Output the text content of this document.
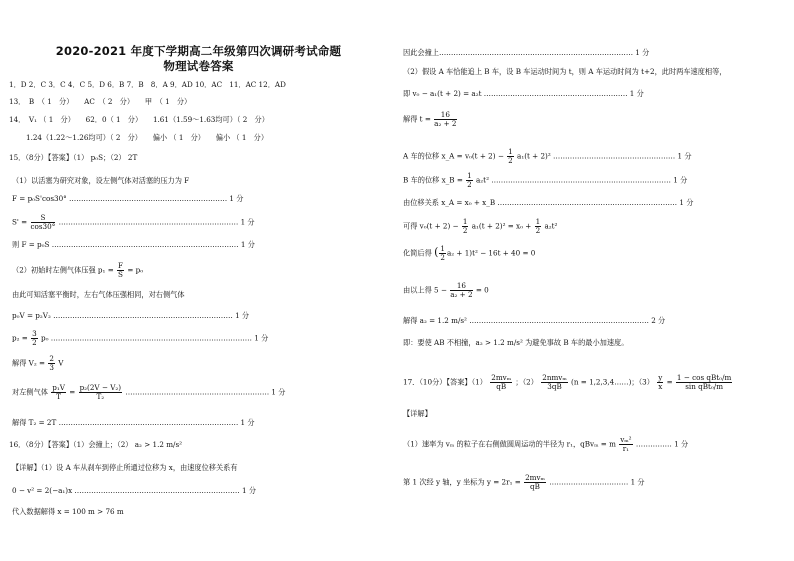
2020-2021 年度下学期高二年级第四次调研考试命题
物理试卷答案
1．D 2．C 3．C 4．C 5．D 6．B 7．B　8．A 9．AD 10．AC　11．AC 12．AD
13．　B　（ 1　分）　　AC　（ 2　分）　　甲　（ 1　分）
14．　V₁ （ 1　分）　　62．0（ 1　分）　　1.61（1.59～1.63均可）（ 2　分）
1.24（1.22～1.26均可）（ 2　分）　　偏小 （ 1　分）　　偏小 （ 1　分）
15．（8分）【答案】（1） p₀S；（2） 2T
（1）以活塞为研究对象，设左侧气体对活塞的压力为 F
F = p₀S'cos30° ………………………………………………………… 1 分
$S' = \frac{S}{\cos 30^\circ}$ ………………………………………………………………… 1 分
则 F = p₀S …………………………………………………………………… 1 分
（2）初始时左侧气体压强 $p_1 = \frac{F}{S} = p_0$
由此可知活塞平衡时，左右气体压强相同，对右侧气体
p₀V = p₂V₂ ………………………………………………………………… 1 分
$p_2 = \frac{3}{2} p_0$ ………………………………………………………………………… 1 分
解得 $V_2 = \frac{2}{3}$ V
对左侧气体 $\frac{\text{p₁V}}{T} = \frac{\text{p₂(2V − V₂)}}{\text{T₂}}$ …………………………………………………… 1 分
解得 T₂ = 2T ………………………………………………………………… 1 分
16．（8分）【答案】（1）会撞上；（2） a₂ > 1.2 m/s²
【详解】（1）设 A 车从刹车到停止所通过位移为 x，由速度位移关系有
0 − v² = 2(−a₁)x …………………………………………………………… 1 分
代入数据解得 x = 100 m > 76 m
因此会撞上……………………………………………………………………… 1 分
（2）假设 A 车恰能追上 B 车，设 B 车运动时间为 t，则 A 车运动时间为 t+2，此时两车速度相等，
即 v₀ − a₁(t + 2) = a₂t …………………………………………………… 1 分
解得 $t = \frac{16}{\text{a₂ + 2}}$
A 车的位移 x_A = $v_0(t + 2) - \frac{1}{2} a_1(t + 2)^2$ …………………………………………… 1 分
B 车的位移 x_B = $\frac{1}{2} a_2t^2$ ………………………………………………………………… 1 分
由位移关系 x_A = x₀ + x_B ………………………………………………………………… 1 分
可得 $v_0(t + 2) - \frac{1}{2} a_1(t + 2)^2 = x_0 + \frac{1}{2} a_2t^2$
化简后得 ( $\frac{1}{2} a_2 + 1)t^2 - 16t + 40 = 0$
由以上得 $5 - \frac{16}{\text{a₂ + 2}} = 0$
解得 a₂ = 1.2 m/s² ………………………………………………………………… 2 分
即：要使 AB 不相撞，a₂ > 1.2 m/s² 为避免事故 B 车的最小加速度。
17．（10分）【答案】$(1) \frac{\text{2mvₘ}}{qB}$ ；$(2) \frac{\text{2nmvₘ}}{3qB} (n$ = 1,2,3,4……)；$(3) \frac{y}{x} = \frac{\text{1 − cos qBt₀/m}}{\text{sin qBt₀/m}}$
【详解】
（1）速率为 vₘ 的粒子在右侧做圆周运动的半径为 r₁，qBvₘ = m $\frac{\text{vₘ²}}{\text{r₁}}$ …………… 1 分
第 1 次经 y 轴，y 坐标为 $y = 2r_1 = \frac{\text{2mvₘ}}{qB}$ …………………………… 1 分
